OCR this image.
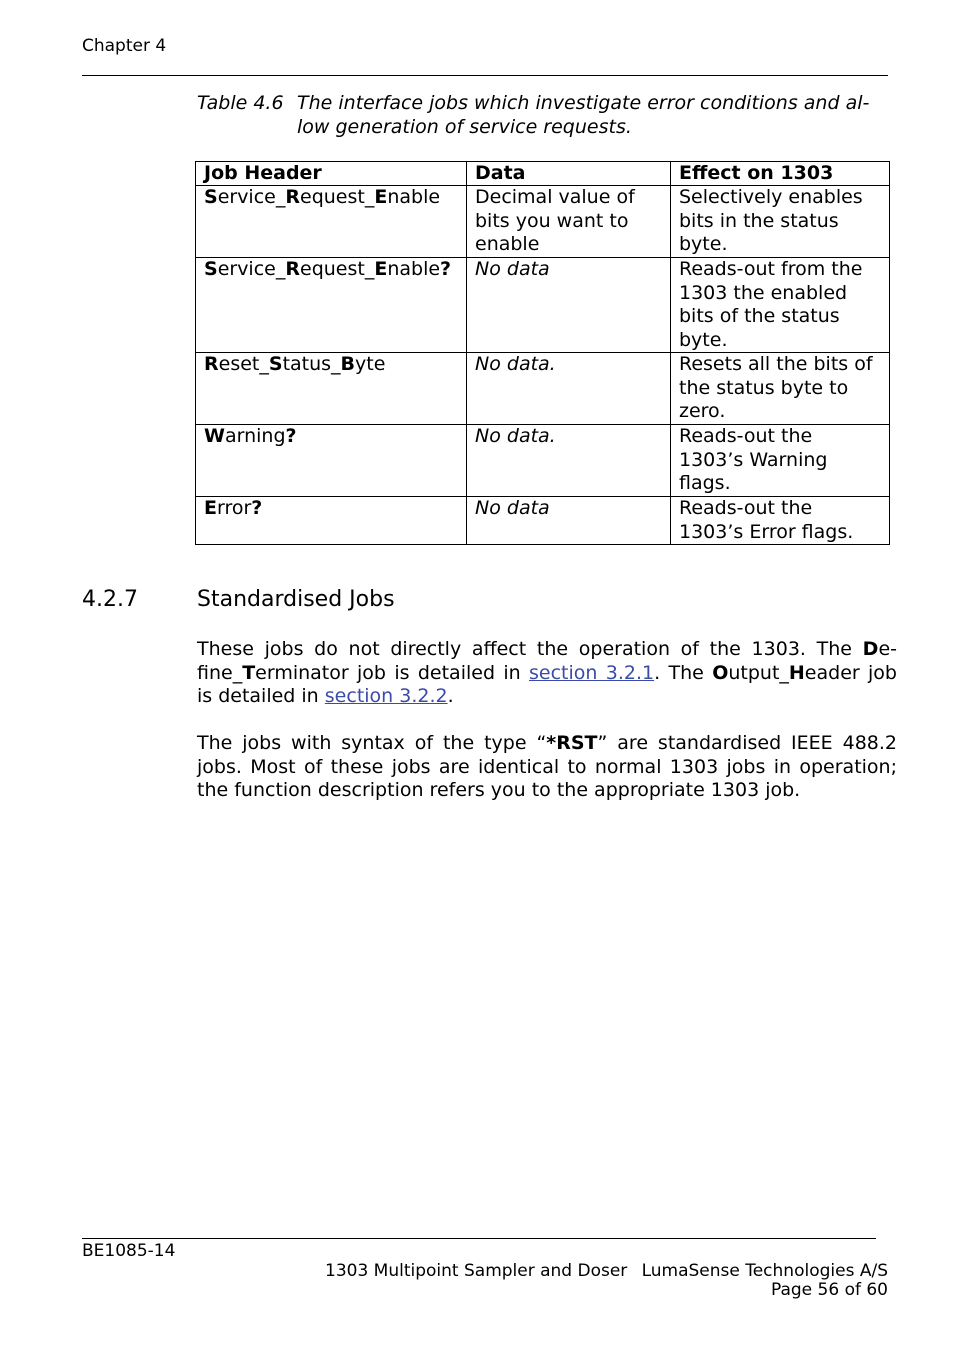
Chapter 4
Table 4.6 The interface jobs which investigate error conditions and al-
low generation of service requests.
Job Header	Data	Effect on 1303
Service_Request_Enable	Decimal value of bits you want to enable	Selectively enables bits in the status byte.
Service_Request_Enable?	No data	Reads-out from the 1303 the enabled bits of the status byte.
Reset_Status_Byte	No data.	Resets all the bits of the status byte to zero.
Warning?	No data.	Reads-out the 1303’s Warning flags.
Error?	No data	Reads-out the 1303’s Error flags.
4.2.7	Standardised Jobs
These jobs do not directly affect the operation of the 1303. The De-
fine_Terminator job is detailed in section 3.2.1. The Output_Header job
is detailed in section 3.2.2.
The jobs with syntax of the type “*RST” are standardised IEEE 488.2
jobs. Most of these jobs are identical to normal 1303 jobs in operation;
the function description refers you to the appropriate 1303 job.
BE1085-14
1303 Multipoint Sampler and Doser LumaSense Technologies A/S
Page 56 of 60
